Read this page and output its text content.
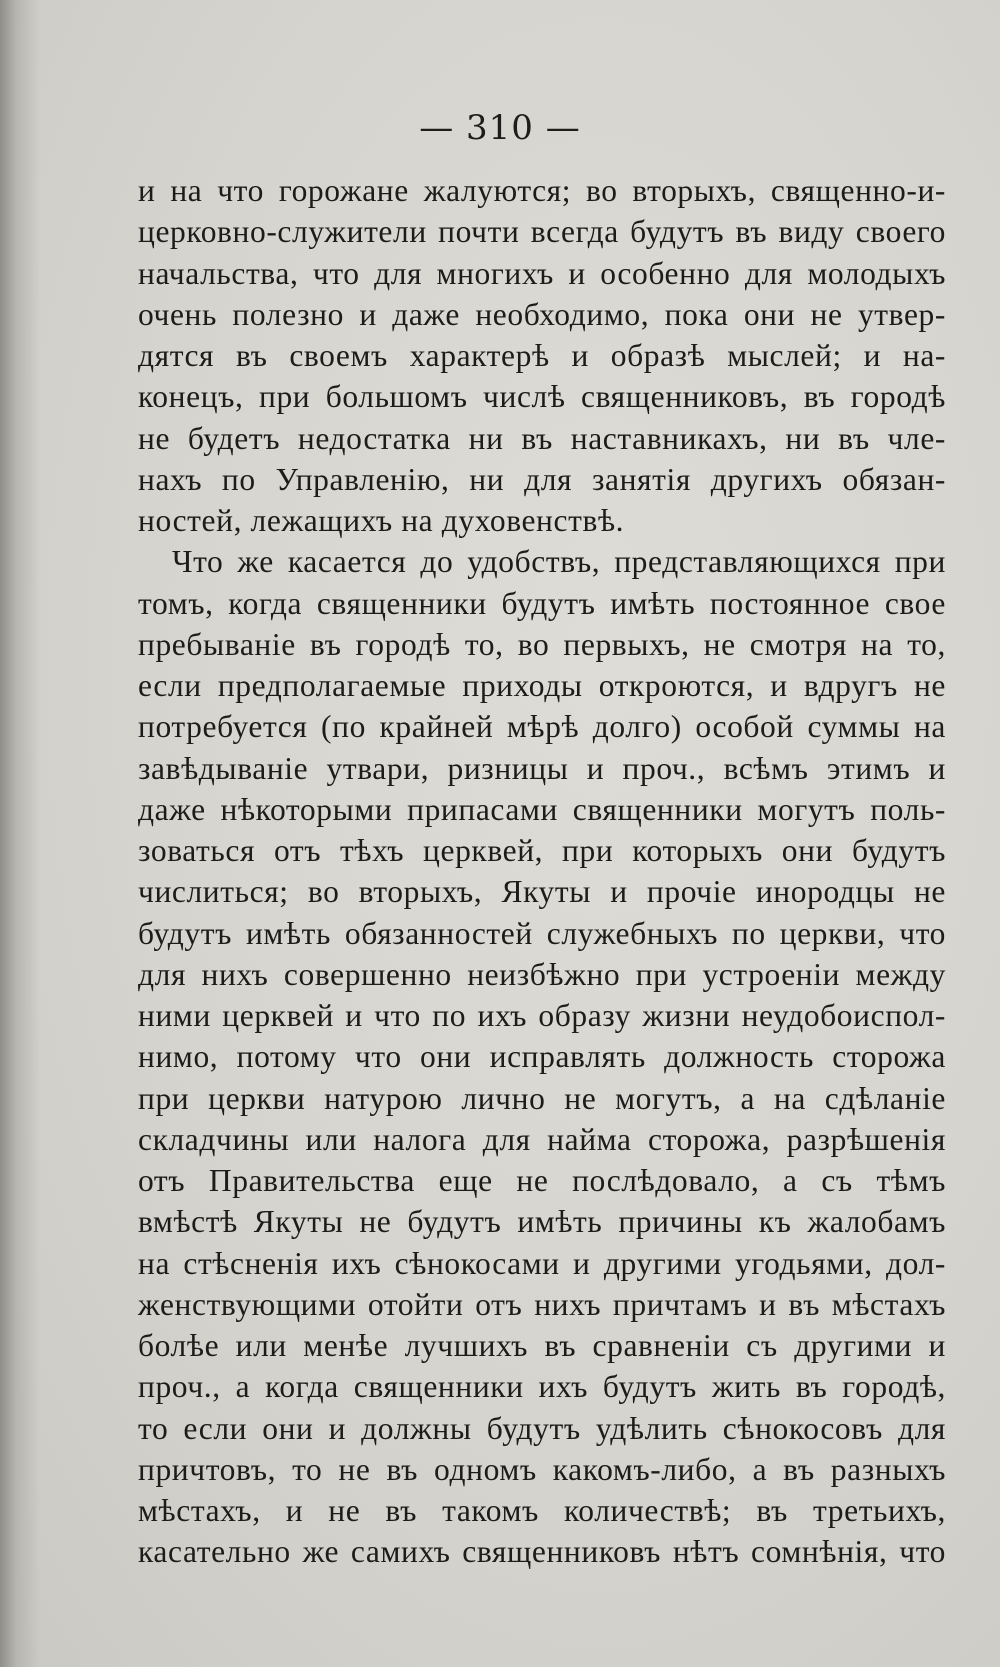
— 310 —
и на что горожане жалуются; во вторыхъ, священно-и-
церковно-служители почти всегда будутъ въ виду своего
начальства, что для многихъ и особенно для молодыхъ
очень полезно и даже необходимо, пока они не утвер-
дятся въ своемъ характерѣ и образѣ мыслей; и на-
конецъ, при большомъ числѣ священниковъ, въ городѣ
не будетъ недостатка ни въ наставникахъ, ни въ чле-
нахъ по Управленію, ни для занятія другихъ обязан-
ностей, лежащихъ на духовенствѣ.
Что же касается до удобствъ, представляющихся при
томъ, когда священники будутъ имѣть постоянное свое
пребываніе въ городѣ то, во первыхъ, не смотря на то,
если предполагаемые приходы откроются, и вдругъ не
потребуется (по крайней мѣрѣ долго) особой суммы на
завѣдываніе утвари, ризницы и проч., всѣмъ этимъ и
даже нѣкоторыми припасами священники могутъ поль-
зоваться отъ тѣхъ церквей, при которыхъ они будутъ
числиться; во вторыхъ, Якуты и прочіе инородцы не
будутъ имѣть обязанностей служебныхъ по церкви, что
для нихъ совершенно неизбѣжно при устроеніи между
ними церквей и что по ихъ образу жизни неудобоиспол-
нимо, потому что они исправлять должность сторожа
при церкви натурою лично не могутъ, а на сдѣланіе
складчины или налога для найма сторожа, разрѣшенія
отъ Правительства еще не послѣдовало, а съ тѣмъ
вмѣстѣ Якуты не будутъ имѣть причины къ жалобамъ
на стѣсненія ихъ сѣнокосами и другими угодьями, дол-
женствующими отойти отъ нихъ причтамъ и въ мѣстахъ
болѣе или менѣе лучшихъ въ сравненіи съ другими и
проч., а когда священники ихъ будутъ жить въ городѣ,
то если они и должны будутъ удѣлить сѣнокосовъ для
причтовъ, то не въ одномъ какомъ-либо, а въ разныхъ
мѣстахъ, и не въ такомъ количествѣ; въ третьихъ,
касательно же самихъ священниковъ нѣтъ сомнѣнія, что
